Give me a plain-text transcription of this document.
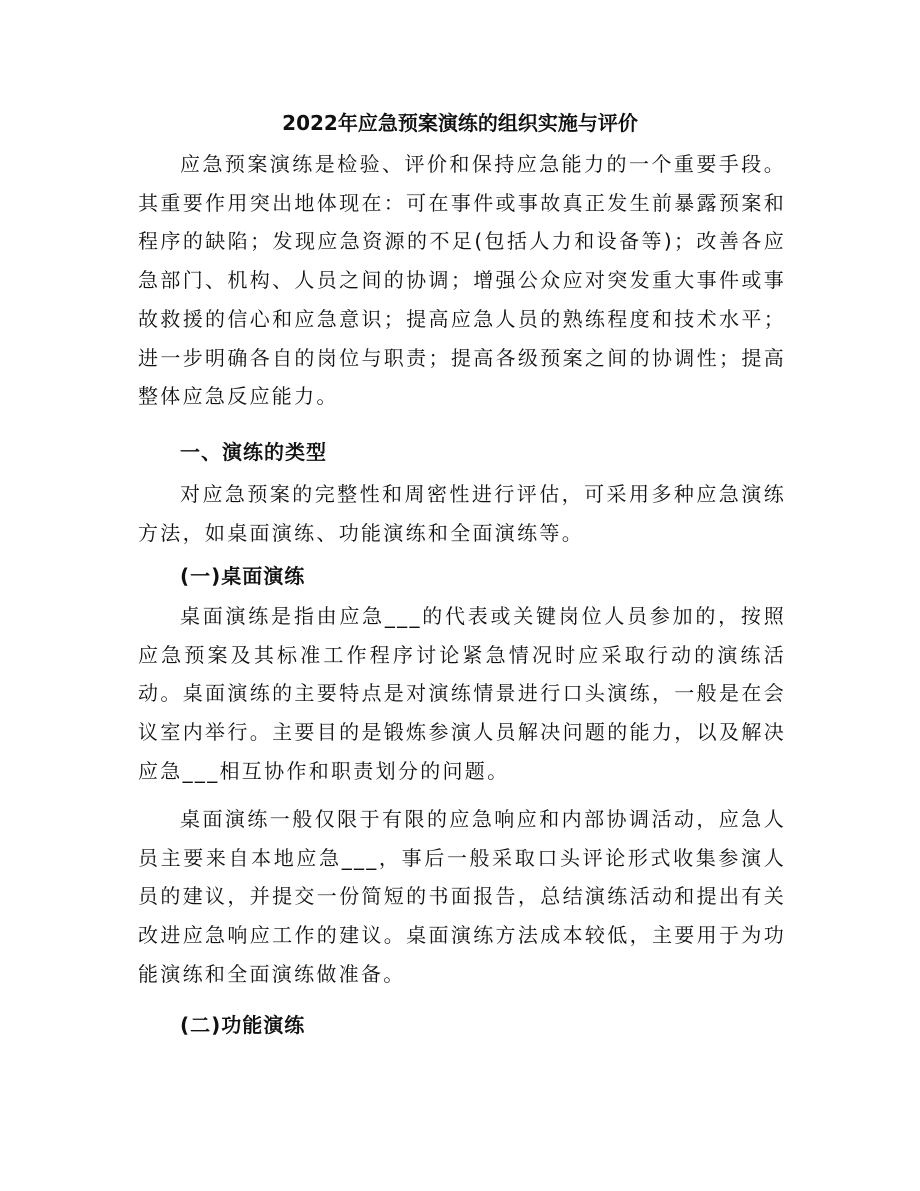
2022年应急预案演练的组织实施与评价

应急预案演练是检验、评价和保持应急能力的一个重要手段。其重要作用突出地体现在：可在事件或事故真正发生前暴露预案和程序的缺陷；发现应急资源的不足(包括人力和设备等)；改善各应急部门、机构、人员之间的协调；增强公众应对突发重大事件或事故救援的信心和应急意识；提高应急人员的熟练程度和技术水平；进一步明确各自的岗位与职责；提高各级预案之间的协调性；提高整体应急反应能力。

一、演练的类型

对应急预案的完整性和周密性进行评估，可采用多种应急演练方法，如桌面演练、功能演练和全面演练等。

(一)桌面演练

桌面演练是指由应急___的代表或关键岗位人员参加的，按照应急预案及其标准工作程序讨论紧急情况时应采取行动的演练活动。桌面演练的主要特点是对演练情景进行口头演练，一般是在会议室内举行。主要目的是锻炼参演人员解决问题的能力，以及解决应急___相互协作和职责划分的问题。

桌面演练一般仅限于有限的应急响应和内部协调活动，应急人员主要来自本地应急___，事后一般采取口头评论形式收集参演人员的建议，并提交一份简短的书面报告，总结演练活动和提出有关改进应急响应工作的建议。桌面演练方法成本较低，主要用于为功能演练和全面演练做准备。

(二)功能演练
